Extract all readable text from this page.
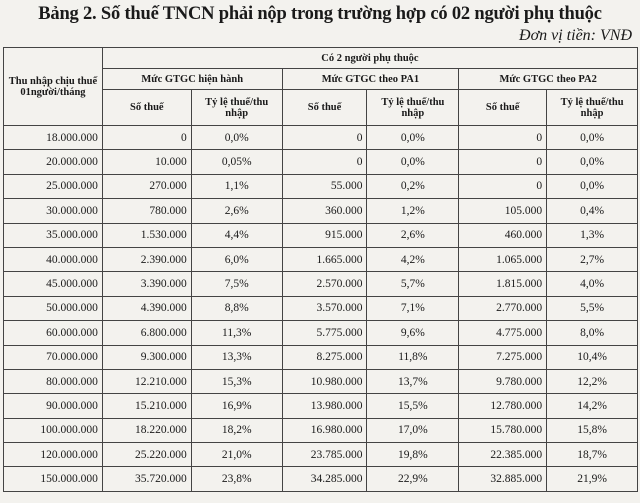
Bảng 2. Số thuế TNCN phải nộp trong trường hợp có 02 người phụ thuộc
Đơn vị tiền: VNĐ
Thu nhập chịu thuế 01người/tháng	Có 2 người phụ thuộc					
	Mức GTGC hiện hành		Mức GTGC theo PA1		Mức GTGC theo PA2	
	Số thuế	Tỷ lệ thuế/thu nhập	Số thuế	Tỷ lệ thuế/thu nhập	Số thuế	Tỷ lệ thuế/thu nhập
18.000.000	0	0,0%	0	0,0%	0	0,0%
20.000.000	10.000	0,05%	0	0,0%	0	0,0%
25.000.000	270.000	1,1%	55.000	0,2%	0	0,0%
30.000.000	780.000	2,6%	360.000	1,2%	105.000	0,4%
35.000.000	1.530.000	4,4%	915.000	2,6%	460.000	1,3%
40.000.000	2.390.000	6,0%	1.665.000	4,2%	1.065.000	2,7%
45.000.000	3.390.000	7,5%	2.570.000	5,7%	1.815.000	4,0%
50.000.000	4.390.000	8,8%	3.570.000	7,1%	2.770.000	5,5%
60.000.000	6.800.000	11,3%	5.775.000	9,6%	4.775.000	8,0%
70.000.000	9.300.000	13,3%	8.275.000	11,8%	7.275.000	10,4%
80.000.000	12.210.000	15,3%	10.980.000	13,7%	9.780.000	12,2%
90.000.000	15.210.000	16,9%	13.980.000	15,5%	12.780.000	14,2%
100.000.000	18.220.000	18,2%	16.980.000	17,0%	15.780.000	15,8%
120.000.000	25.220.000	21,0%	23.785.000	19,8%	22.385.000	18,7%
150.000.000	35.720.000	23,8%	34.285.000	22,9%	32.885.000	21,9%
